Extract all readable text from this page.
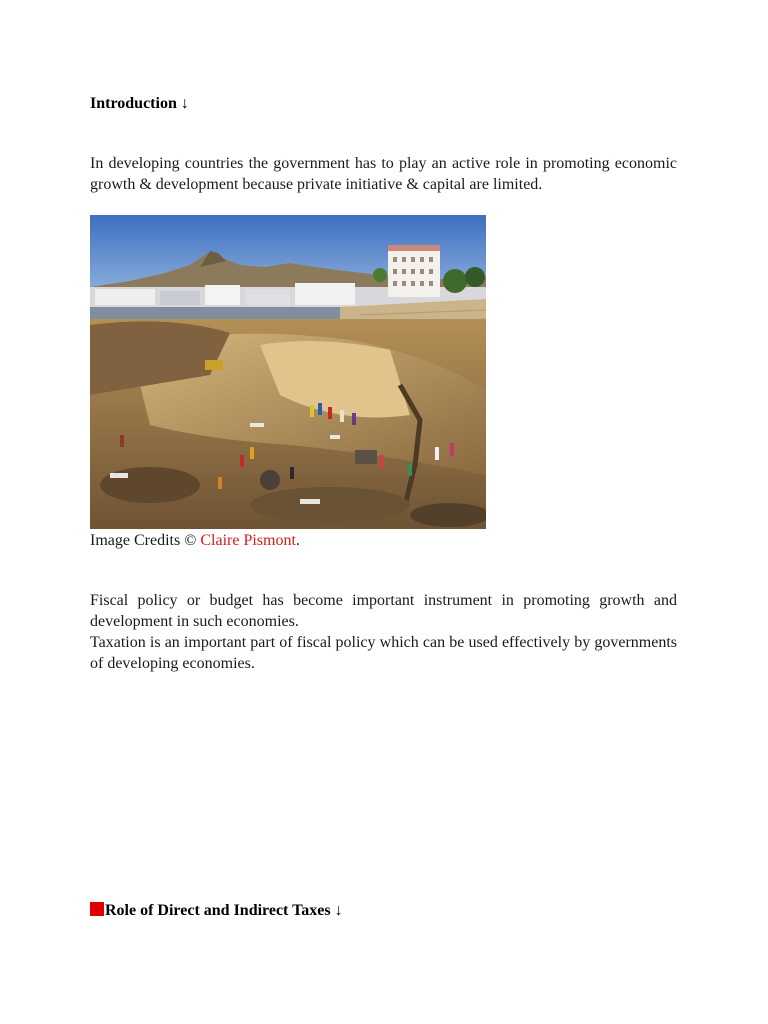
Introduction ↓

In developing countries the government has to play an active role in promoting economic growth & development because private initiative & capital are limited.

Image Credits © Claire Pismont.

Fiscal policy or budget has become important instrument in promoting growth and development in such economies.

Taxation is an important part of fiscal policy which can be used effectively by governments of developing economies.

Role of Direct and Indirect Taxes ↓
